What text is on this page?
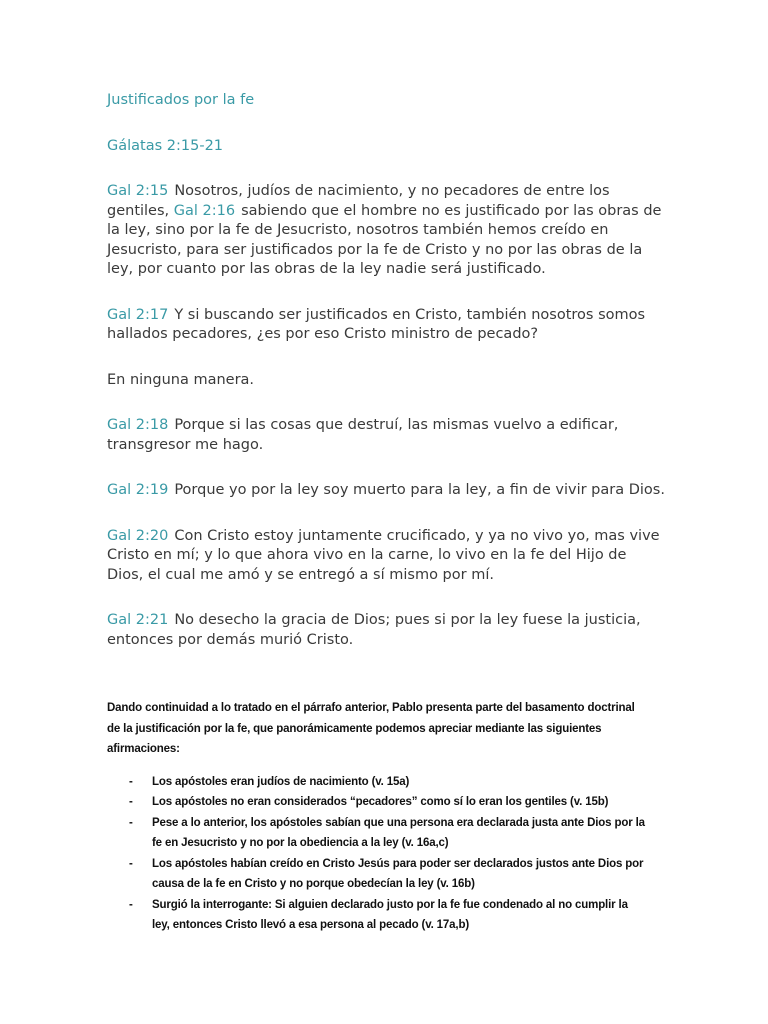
Justificados por la fe
Gálatas 2:15-21

Gal 2:15 Nosotros, judíos de nacimiento, y no pecadores de entre los gentiles, Gal 2:16 sabiendo que el hombre no es justificado por las obras de la ley, sino por la fe de Jesucristo, nosotros también hemos creído en Jesucristo, para ser justificados por la fe de Cristo y no por las obras de la ley, por cuanto por las obras de la ley nadie será justificado.

Gal 2:17 Y si buscando ser justificados en Cristo, también nosotros somos hallados pecadores, ¿es por eso Cristo ministro de pecado?

En ninguna manera.

Gal 2:18 Porque si las cosas que destruí, las mismas vuelvo a edificar, transgresor me hago.

Gal 2:19 Porque yo por la ley soy muerto para la ley, a fin de vivir para Dios.

Gal 2:20 Con Cristo estoy juntamente crucificado, y ya no vivo yo, mas vive Cristo en mí; y lo que ahora vivo en la carne, lo vivo en la fe del Hijo de Dios, el cual me amó y se entregó a sí mismo por mí.

Gal 2:21 No desecho la gracia de Dios; pues si por la ley fuese la justicia, entonces por demás murió Cristo.

Dando continuidad a lo tratado en el párrafo anterior, Pablo presenta parte del basamento doctrinal de la justificación por la fe, que panorámicamente podemos apreciar mediante las siguientes afirmaciones:

- Los apóstoles eran judíos de nacimiento (v. 15a)
- Los apóstoles no eran considerados “pecadores” como sí lo eran los gentiles (v. 15b)
- Pese a lo anterior, los apóstoles sabían que una persona era declarada justa ante Dios por la fe en Jesucristo y no por la obediencia a la ley (v. 16a,c)
- Los apóstoles habían creído en Cristo Jesús para poder ser declarados justos ante Dios por causa de la fe en Cristo y no porque obedecían la ley (v. 16b)
- Surgió la interrogante: Si alguien declarado justo por la fe fue condenado al no cumplir la ley, entonces Cristo llevó a esa persona al pecado (v. 17a,b)
